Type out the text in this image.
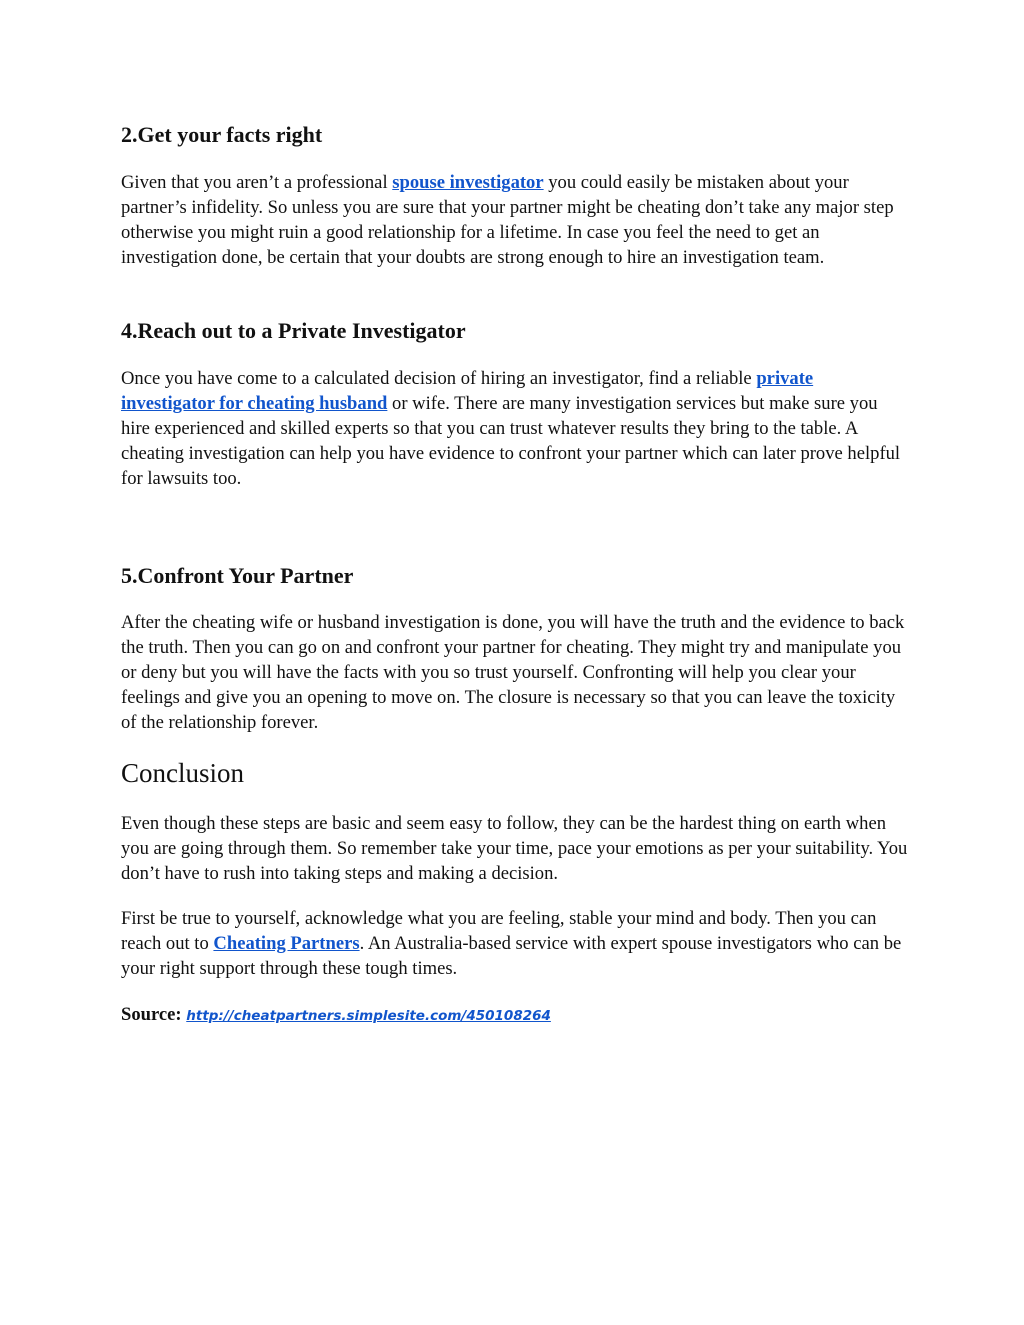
2.Get your facts right

Given that you aren’t a professional spouse investigator you could easily be mistaken about your partner’s infidelity. So unless you are sure that your partner might be cheating don’t take any major step otherwise you might ruin a good relationship for a lifetime. In case you feel the need to get an investigation done, be certain that your doubts are strong enough to hire an investigation team.

4.Reach out to a Private Investigator

Once you have come to a calculated decision of hiring an investigator, find a reliable private investigator for cheating husband or wife. There are many investigation services but make sure you hire experienced and skilled experts so that you can trust whatever results they bring to the table. A cheating investigation can help you have evidence to confront your partner which can later prove helpful for lawsuits too.

5.Confront Your Partner

After the cheating wife or husband investigation is done, you will have the truth and the evidence to back the truth. Then you can go on and confront your partner for cheating. They might try and manipulate you or deny but you will have the facts with you so trust yourself. Confronting will help you clear your feelings and give you an opening to move on. The closure is necessary so that you can leave the toxicity of the relationship forever.

Conclusion

Even though these steps are basic and seem easy to follow, they can be the hardest thing on earth when you are going through them. So remember take your time, pace your emotions as per your suitability. You don’t have to rush into taking steps and making a decision.

First be true to yourself, acknowledge what you are feeling, stable your mind and body. Then you can reach out to Cheating Partners. An Australia-based service with expert spouse investigators who can be your right support through these tough times.

Source: http://cheatpartners.simplesite.com/450108264
